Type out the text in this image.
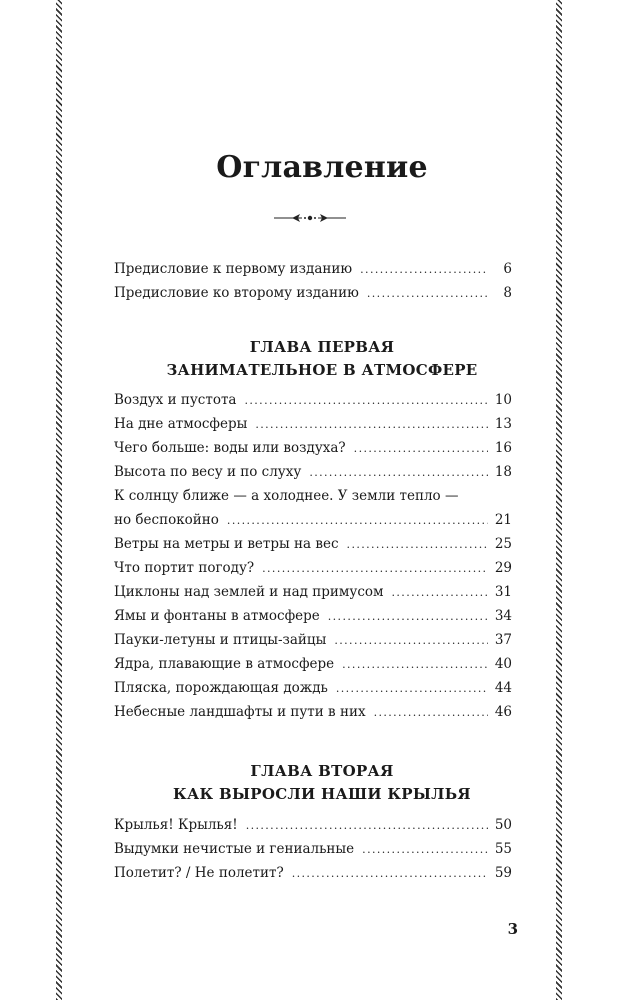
Оглавление
Предисловие к первому изданию .....	6
Предисловие ко второму изданию .....	8
ГЛАВА ПЕРВАЯ
ЗАНИМАТЕЛЬНОЕ В АТМОСФЕРЕ
Воздух и пустота .....	10
На дне атмосферы .....	13
Чего больше: воды или воздуха? .....	16
Высота по весу и по слуху .....	18
К солнцу ближе — а холоднее. У земли тепло —
но беспокойно .....	21
Ветры на метры и ветры на вес .....	25
Что портит погоду? .....	29
Циклоны над землей и над примусом .....	31
Ямы и фонтаны в атмосфере .....	34
Пауки-летуны и птицы-зайцы .....	37
Ядра, плавающие в атмосфере .....	40
Пляска, порождающая дождь .....	44
Небесные ландшафты и пути в них .....	46
ГЛАВА ВТОРАЯ
КАК ВЫРОСЛИ НАШИ КРЫЛЬЯ
Крылья! Крылья! .....	50
Выдумки нечистые и гениальные .....	55
Полетит? / Не полетит? .....	59
3
